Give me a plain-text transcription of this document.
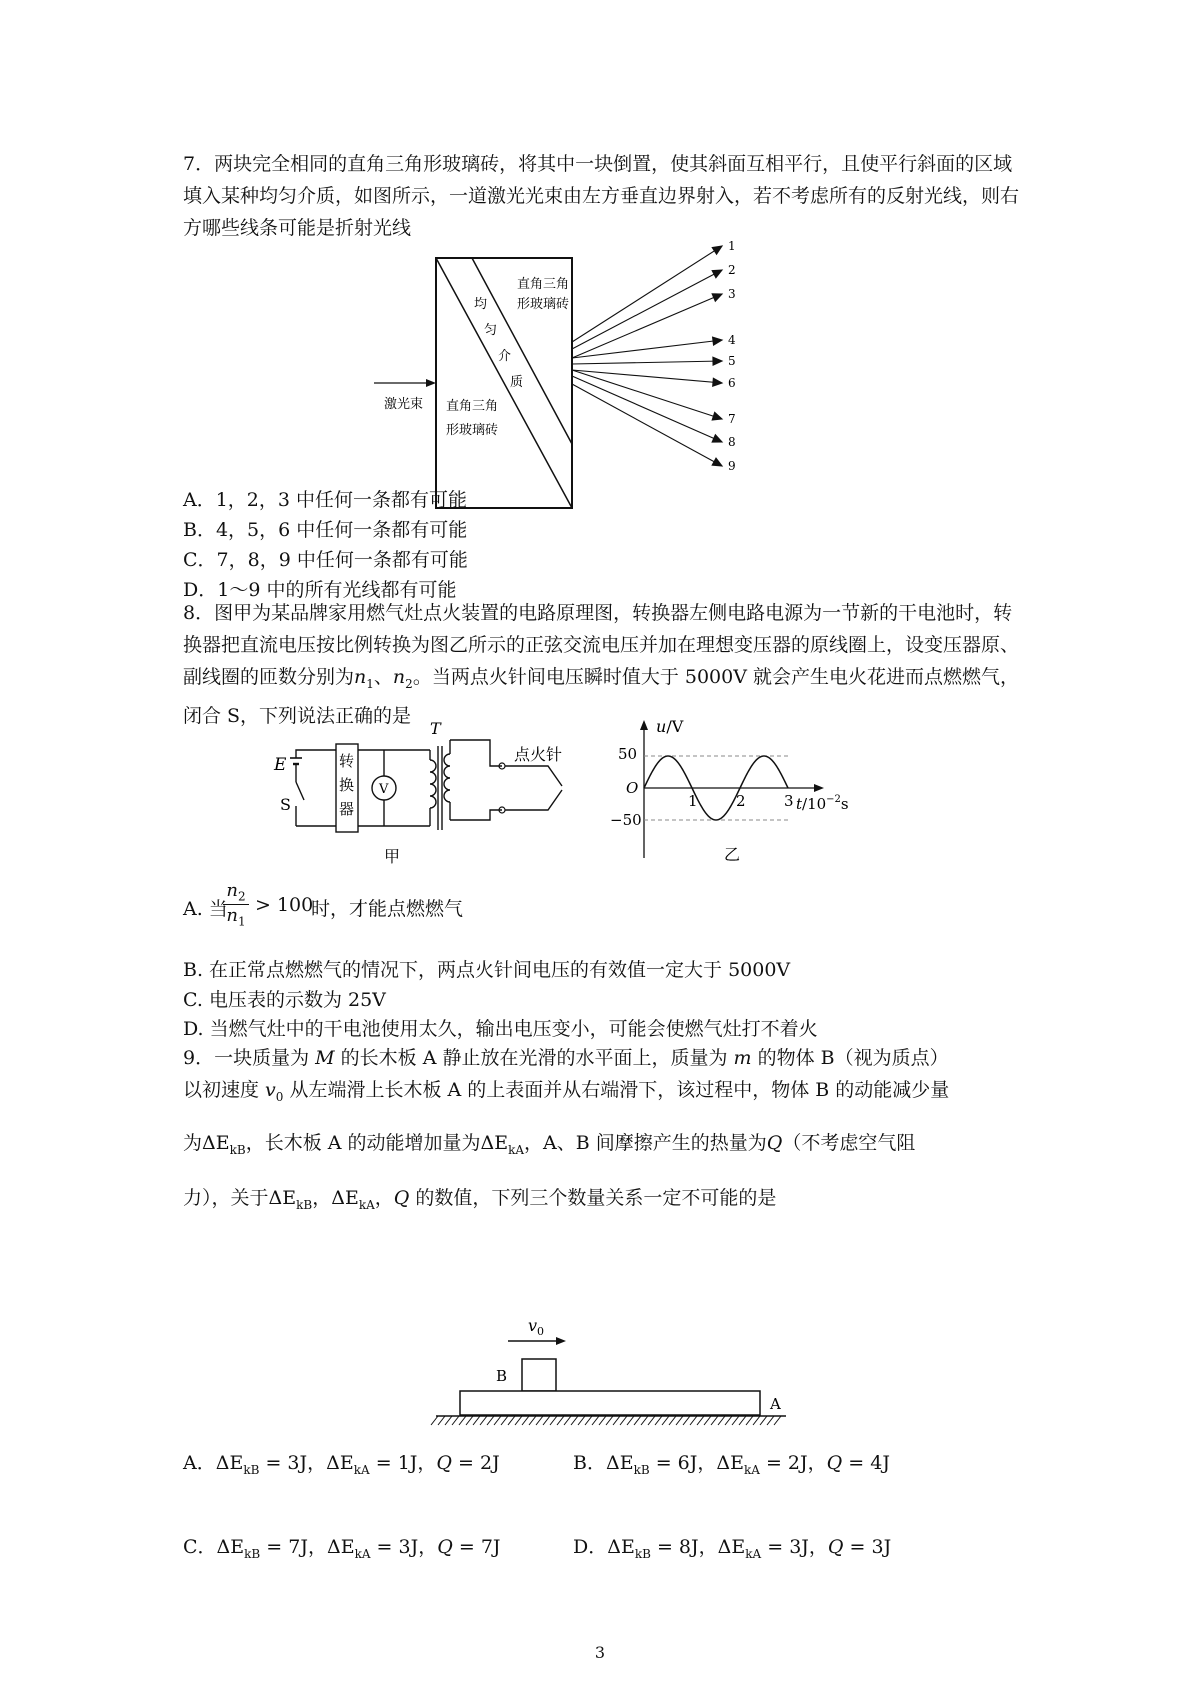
7．两块完全相同的直角三角形玻璃砖，将其中一块倒置，使其斜面互相平行，且使平行斜面的区域填入某种均匀介质，如图所示，一道激光光束由左方垂直边界射入，若不考虑所有的反射光线，则右方哪些线条可能是折射光线

直角三角
形玻璃砖
均
匀
介
质
直角三角
形玻璃砖
激光束
1
2
3
4
5
6
7
8
9
A．1，2，3 中任何一条都有可能
B．4，5，6 中任何一条都有可能
C．7，8，9 中任何一条都有可能
D．1～9 中的所有光线都有可能

8．图甲为某品牌家用燃气灶点火装置的电路原理图，转换器左侧电路电源为一节新的干电池时，转换器把直流电压按比例转换为图乙所示的正弦交流电压并加在理想变压器的原线圈上，设变压器原、副线圈的匝数分别为$n_1$、$n_2$。当两点火针间电压瞬时值大于 5000V 就会产生电火花进而点燃燃气，闭合 S，下列说法正确的是

E
S
转
换
器
V
T
点火针
甲
u/V
50
O
−50
1	2	3 $t/10^{-2}s$
乙
A. 当
$n_2$
$n_1$
> 100
时，才能点燃燃气
B. 在正常点燃燃气的情况下，两点火针间电压的有效值一定大于 5000V
C. 电压表的示数为 25V
D. 当燃气灶中的干电池使用太久，输出电压变小，可能会使燃气灶打不着火
9．一块质量为 M 的长木板 A 静止放在光滑的水平面上，质量为 m 的物体 B（视为质点）
以初速度 $v_0$ 从左端滑上长木板 A 的上表面并从右端滑下，该过程中，物体 B 的动能减少量
为$\Delta E_{kB}$，长木板 A 的动能增加量为$\Delta E_{kA}$，A、B 间摩擦产生的热量为Q（不考虑空气阻
力），关于$\Delta E_{kB}$，$\Delta E_{kA}$，Q 的数值，下列三个数量关系一定不可能的是
$v_0$
B
A
A．$\Delta E_{kB} = 3J$，$\Delta E_{kA} = 1J$，Q = 2J	B．$\Delta E_{kB} = 6J$，$\Delta E_{kA} = 2J$，Q = 4J
C．$\Delta E_{kB} = 7J$，$\Delta E_{kA} = 3J$，Q = 7J	D．$\Delta E_{kB} = 8J$，$\Delta E_{kA} = 3J$，Q = 3J
3
